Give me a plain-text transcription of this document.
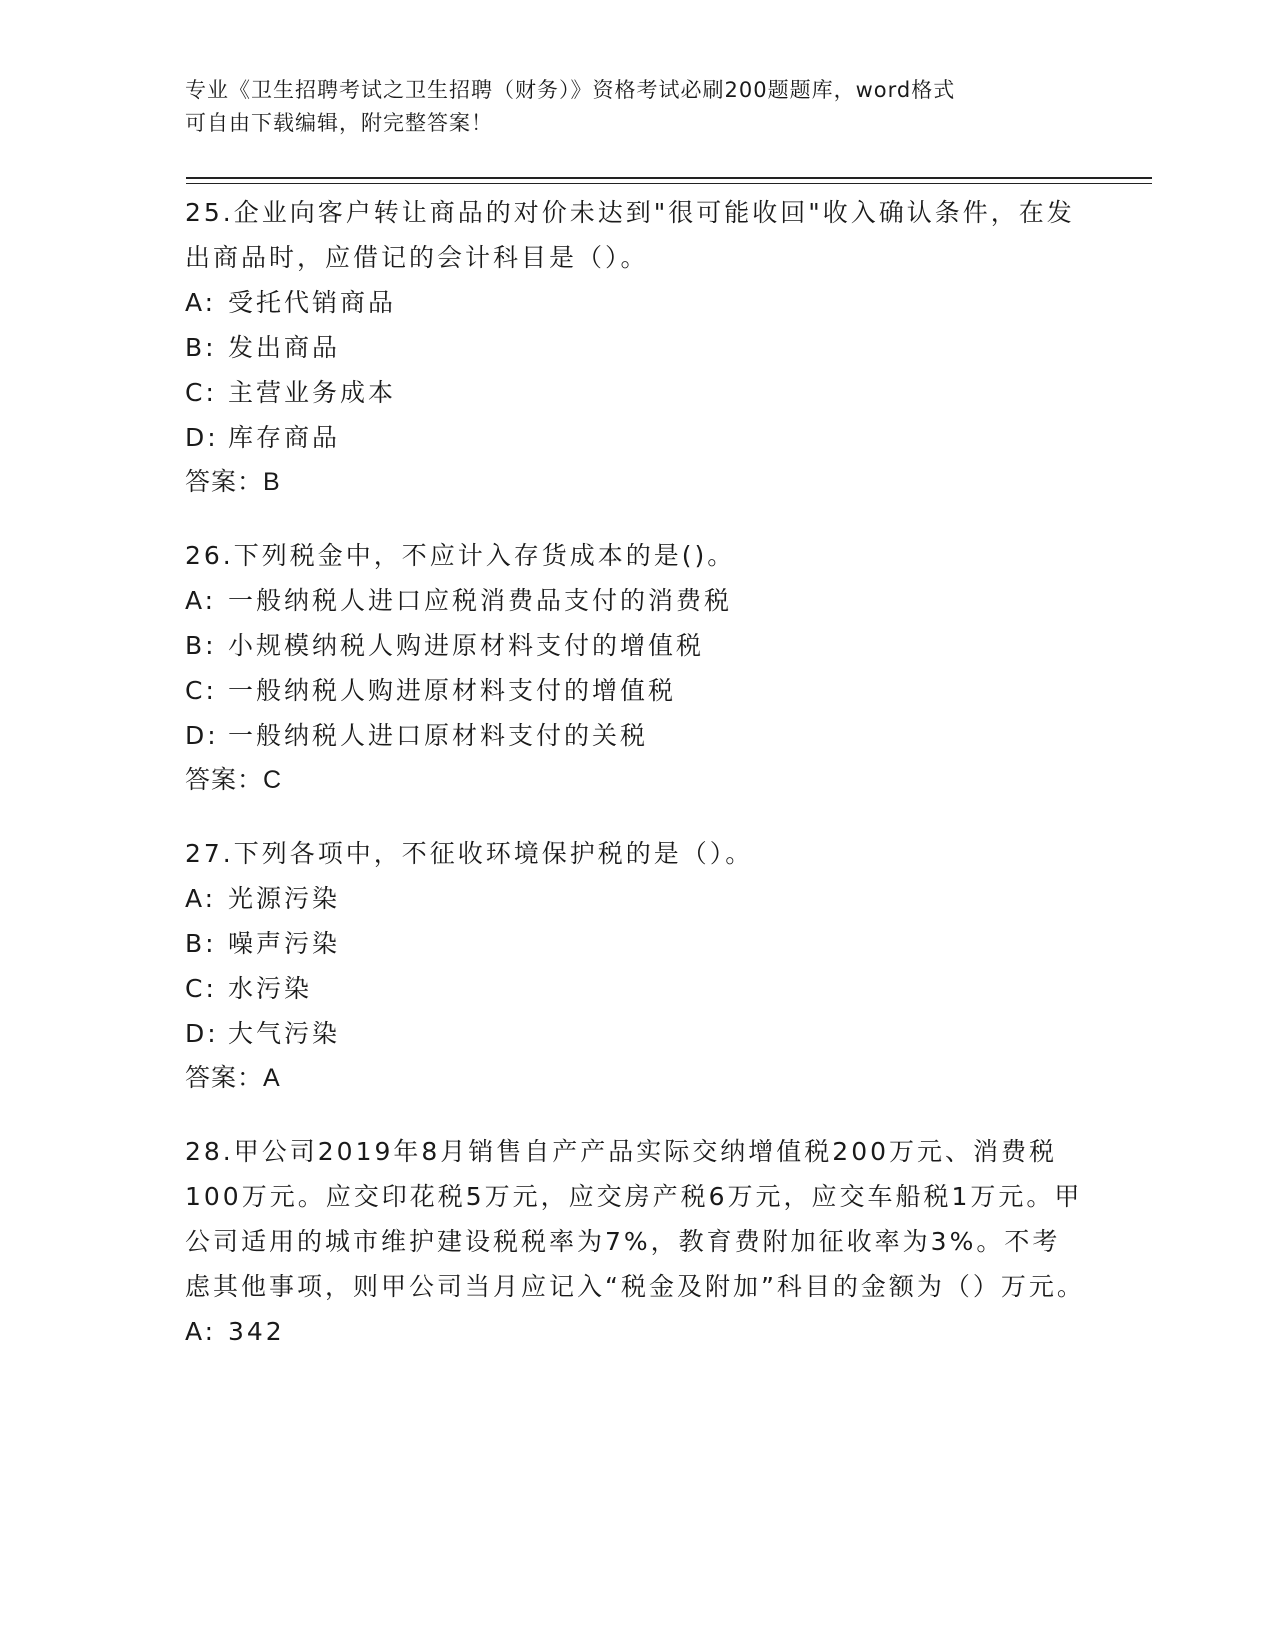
专业《卫生招聘考试之卫生招聘（财务）》资格考试必刷200题题库，word格式
可自由下载编辑，附完整答案！

25.企业向客户转让商品的对价未达到"很可能收回"收入确认条件，在发出商品时，应借记的会计科目是（）。

A: 受托代销商品

B: 发出商品

C: 主营业务成本

D: 库存商品

答案：B

26.下列税金中，不应计入存货成本的是()。

A: 一般纳税人进口应税消费品支付的消费税

B: 小规模纳税人购进原材料支付的增值税

C: 一般纳税人购进原材料支付的增值税

D: 一般纳税人进口原材料支付的关税

答案：C

27.下列各项中，不征收环境保护税的是（）。

A: 光源污染

B: 噪声污染

C: 水污染

D: 大气污染

答案：A

28.甲公司2019年8月销售自产产品实际交纳增值税200万元、消费税100万元。应交印花税5万元，应交房产税6万元，应交车船税1万元。甲公司适用的城市维护建设税税率为7%，教育费附加征收率为3%。不考虑其他事项，则甲公司当月应记入“税金及附加”科目的金额为（）万元。

A: 342
